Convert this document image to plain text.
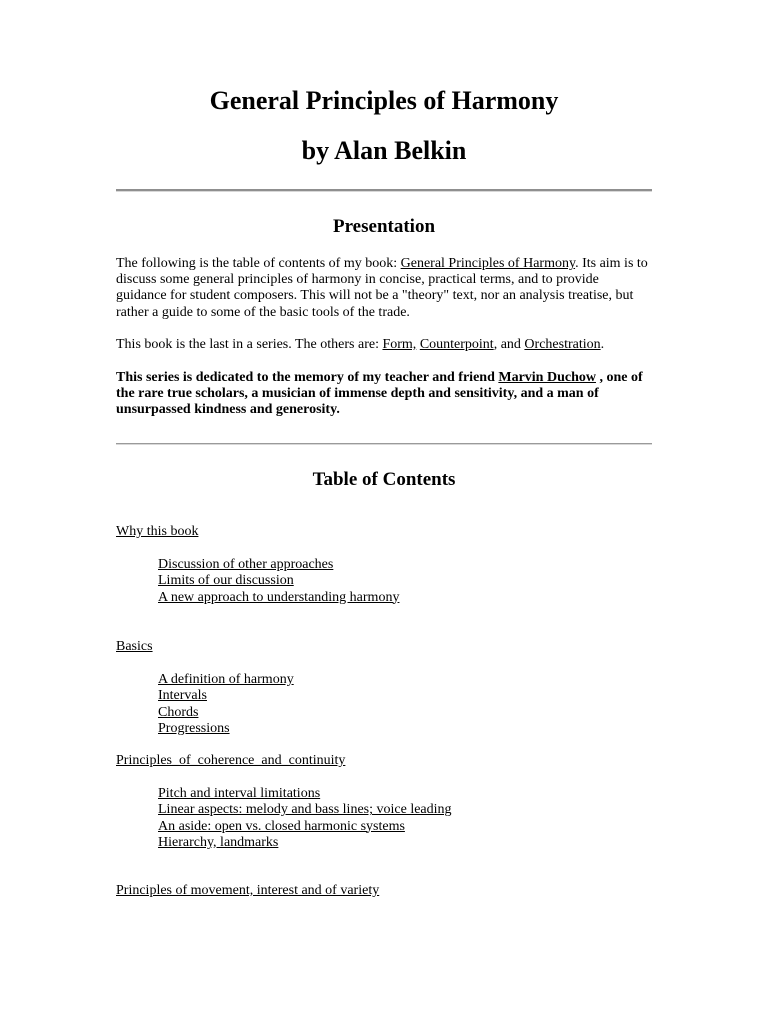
General Principles of Harmony
by Alan Belkin
Presentation

The following is the table of contents of my book: General Principles of Harmony. Its aim is to discuss some general principles of harmony in concise, practical terms, and to provide guidance for student composers. This will not be a "theory" text, nor an analysis treatise, but rather a guide to some of the basic tools of the trade.

This book is the last in a series. The others are: Form, Counterpoint, and Orchestration.

This series is dedicated to the memory of my teacher and friend Marvin Duchow , one of the rare true scholars, a musician of immense depth and sensitivity, and a man of unsurpassed kindness and generosity.

Table of Contents
Why this book
Discussion of other approaches
Limits of our discussion
A new approach to understanding harmony
Basics
A definition of harmony
Intervals
Chords
Progressions
Principles_of_coherence_and_continuity
Pitch and interval limitations
Linear aspects: melody and bass lines; voice leading
An aside: open vs. closed harmonic systems
Hierarchy, landmarks
Principles of movement, interest and of variety
